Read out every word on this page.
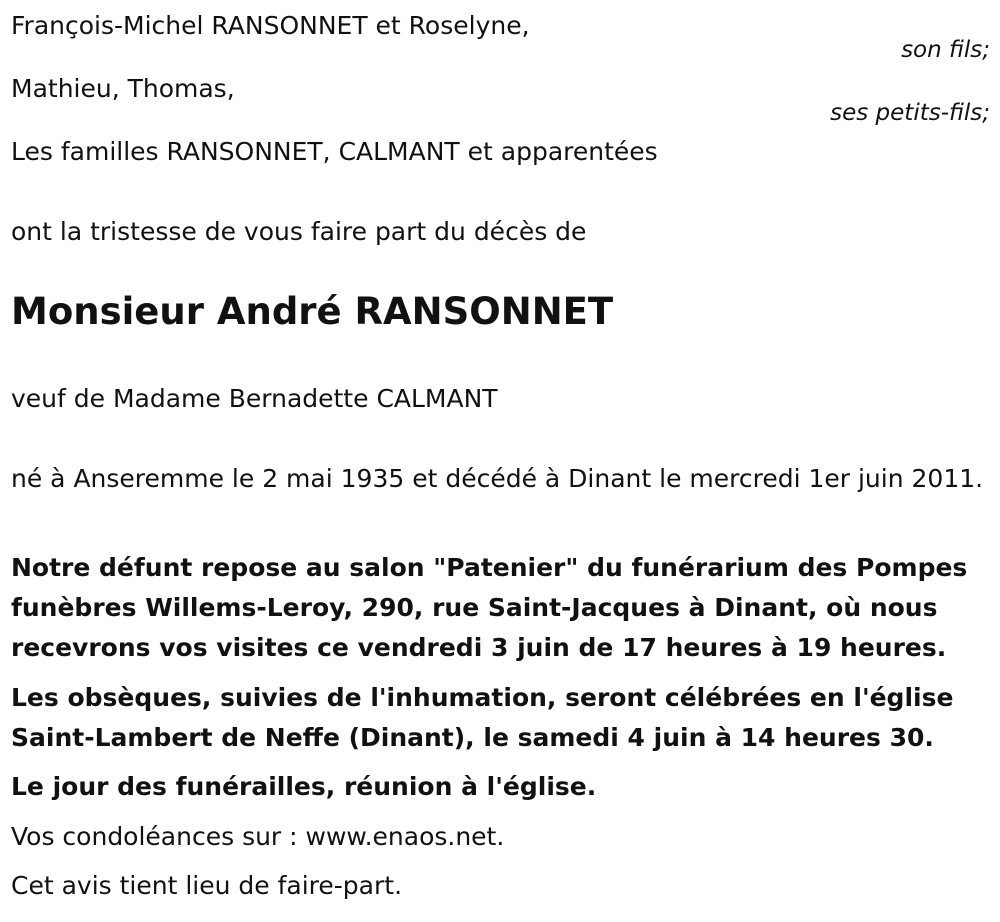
François-Michel RANSONNET et Roselyne,

son fils;

Mathieu, Thomas,

ses petits-fils;

Les familles RANSONNET, CALMANT et apparentées

ont la tristesse de vous faire part du décès de

Monsieur André RANSONNET

veuf de Madame Bernadette CALMANT

né à Anseremme le 2 mai 1935 et décédé à Dinant le mercredi 1er juin 2011.

Notre défunt repose au salon "Patenier" du funérarium des Pompes funèbres Willems-Leroy, 290, rue Saint-Jacques à Dinant, où nous recevrons vos visites ce vendredi 3 juin de 17 heures à 19 heures.

Les obsèques, suivies de l'inhumation, seront célébrées en l'église Saint-Lambert de Neffe (Dinant), le samedi 4 juin à 14 heures 30.

Le jour des funérailles, réunion à l'église.

Vos condoléances sur : www.enaos.net.

Cet avis tient lieu de faire-part.
